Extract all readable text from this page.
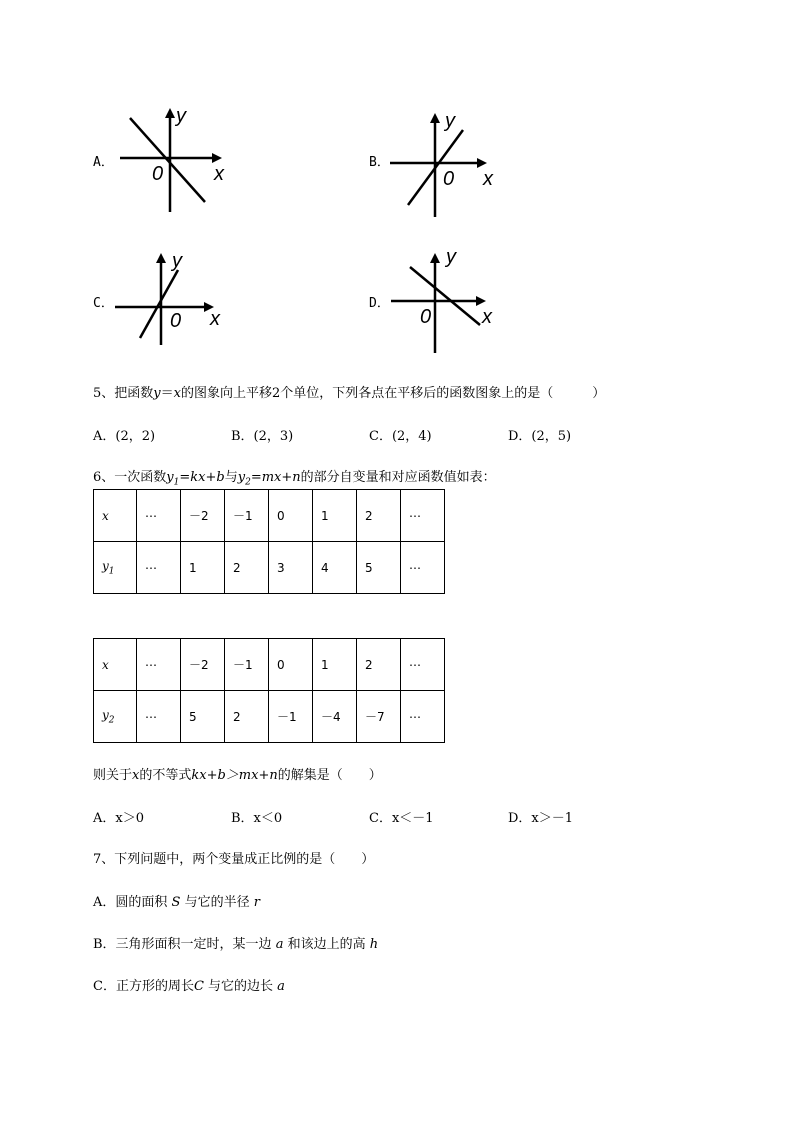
A．
y
x
0
B．
y
x
0
C．
y
x
0
D．
y
x
0
5、把函数y＝x的图象向上平移2个单位，下列各点在平移后的函数图象上的是（　　　）
A．(2，2)	B．(2，3)	C．(2，4)	D．(2，5)
6、一次函数$y_1=kx+b$与$y_2=mx+n$的部分自变量和对应函数值如表：
x	⋯	－2	－1	0	1	2	⋯
$y_1$	⋯	1	2	3	4	5	⋯
x	⋯	－2	－1	0	1	2	⋯
$y_2$	⋯	5	2	－1	－4	－7	⋯
则关于x的不等式kx+b＞mx+n的解集是（　　）
A．x＞0	B．x＜0	C．x＜－1	D．x＞－1
7、下列问题中，两个变量成正比例的是（　　）
A．圆的面积 S 与它的半径 r
B．三角形面积一定时，某一边 a 和该边上的高 h
C．正方形的周长C 与它的边长 a
